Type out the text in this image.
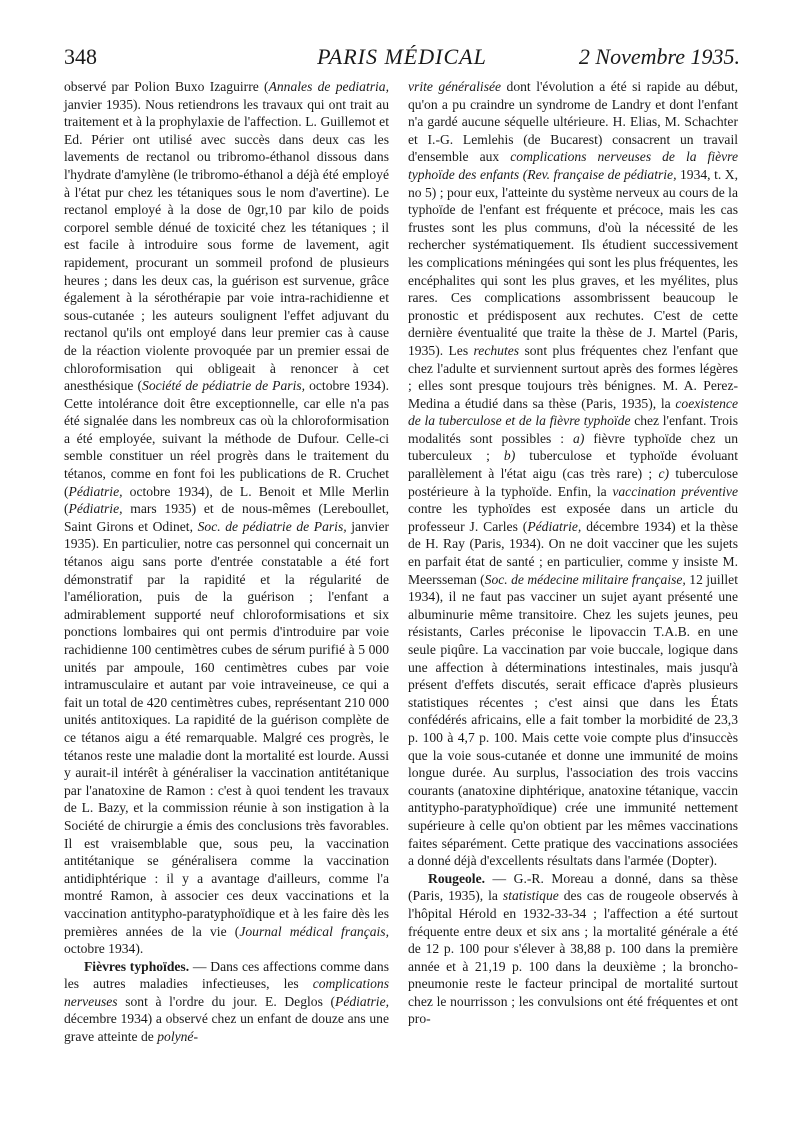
348	PARIS MÉDICAL	2 Novembre 1935.

observé par Polion Buxo Izaguirre (Annales de pediatria, janvier 1935). Nous retiendrons les travaux qui ont trait au traitement et à la prophylaxie de l'affection. L. Guillemot et Ed. Périer ont utilisé avec succès dans deux cas les lavements de rectanol ou tribromo-éthanol dissous dans l'hydrate d'amylène (le tribromo-éthanol a déjà été employé à l'état pur chez les tétaniques sous le nom d'avertine). Le rectanol employé à la dose de 0gr,10 par kilo de poids corporel semble dénué de toxicité chez les tétaniques ; il est facile à introduire sous forme de lavement, agit rapidement, procurant un sommeil profond de plusieurs heures ; dans les deux cas, la guérison est survenue, grâce également à la sérothérapie par voie intra-rachidienne et sous-cutanée ; les auteurs soulignent l'effet adjuvant du rectanol qu'ils ont employé dans leur premier cas à cause de la réaction violente provoquée par un premier essai de chloroformisation qui obligeait à renoncer à cet anesthésique (Société de pédiatrie de Paris, octobre 1934). Cette intolérance doit être exceptionnelle, car elle n'a pas été signalée dans les nombreux cas où la chloroformisation a été employée, suivant la méthode de Dufour. Celle-ci semble constituer un réel progrès dans le traitement du tétanos, comme en font foi les publications de R. Cruchet (Pédiatrie, octobre 1934), de L. Benoit et Mlle Merlin (Pédiatrie, mars 1935) et de nous-mêmes (Lereboullet, Saint Girons et Odinet, Soc. de pédiatrie de Paris, janvier 1935). En particulier, notre cas personnel qui concernait un tétanos aigu sans porte d'entrée constatable a été fort démonstratif par la rapidité et la régularité de l'amélioration, puis de la guérison ; l'enfant a admirablement supporté neuf chloroformisations et six ponctions lombaires qui ont permis d'introduire par voie rachidienne 100 centimètres cubes de sérum purifié à 5 000 unités par ampoule, 160 centimètres cubes par voie intramusculaire et autant par voie intraveineuse, ce qui a fait un total de 420 centimètres cubes, représentant 210 000 unités antitoxiques. La rapidité de la guérison complète de ce tétanos aigu a été remarquable. Malgré ces progrès, le tétanos reste une maladie dont la mortalité est lourde. Aussi y aurait-il intérêt à généraliser la vaccination antitétanique par l'anatoxine de Ramon : c'est à quoi tendent les travaux de L. Bazy, et la commission réunie à son instigation à la Société de chirurgie a émis des conclusions très favorables. Il est vraisemblable que, sous peu, la vaccination antitétanique se généralisera comme la vaccination antidiphtérique : il y a avantage d'ailleurs, comme l'a montré Ramon, à associer ces deux vaccinations et la vaccination antitypho-paratyphoïdique et à les faire dès les premières années de la vie (Journal médical français, octobre 1934).

Fièvres typhoïdes. — Dans ces affections comme dans les autres maladies infectieuses, les complications nerveuses sont à l'ordre du jour. E. Deglos (Pédiatrie, décembre 1934) a observé chez un enfant de douze ans une grave atteinte de polyné-

vrite généralisée dont l'évolution a été si rapide au début, qu'on a pu craindre un syndrome de Landry et dont l'enfant n'a gardé aucune séquelle ultérieure. H. Elias, M. Schachter et I.-G. Lemlehis (de Bucarest) consacrent un travail d'ensemble aux complications nerveuses de la fièvre typhoïde des enfants (Rev. française de pédiatrie, 1934, t. X, no 5) ; pour eux, l'atteinte du système nerveux au cours de la typhoïde de l'enfant est fréquente et précoce, mais les cas frustes sont les plus communs, d'où la nécessité de les rechercher systématiquement. Ils étudient successivement les complications méningées qui sont les plus fréquentes, les encéphalites qui sont les plus graves, et les myélites, plus rares. Ces complications assombrissent beaucoup le pronostic et prédisposent aux rechutes. C'est de cette dernière éventualité que traite la thèse de J. Martel (Paris, 1935). Les rechutes sont plus fréquentes chez l'enfant que chez l'adulte et surviennent surtout après des formes légères ; elles sont presque toujours très bénignes. M. A. Perez-Medina a étudié dans sa thèse (Paris, 1935), la coexistence de la tuberculose et de la fièvre typhoïde chez l'enfant. Trois modalités sont possibles : a) fièvre typhoïde chez un tuberculeux ; b) tuberculose et typhoïde évoluant parallèlement à l'état aigu (cas très rare) ; c) tuberculose postérieure à la typhoïde. Enfin, la vaccination préventive contre les typhoïdes est exposée dans un article du professeur J. Carles (Pédiatrie, décembre 1934) et la thèse de H. Ray (Paris, 1934). On ne doit vacciner que les sujets en parfait état de santé ; en particulier, comme y insiste M. Meersseman (Soc. de médecine militaire française, 12 juillet 1934), il ne faut pas vacciner un sujet ayant présenté une albuminurie même transitoire. Chez les sujets jeunes, peu résistants, Carles préconise le lipovaccin T.A.B. en une seule piqûre. La vaccination par voie buccale, logique dans une affection à déterminations intestinales, mais jusqu'à présent d'effets discutés, serait efficace d'après plusieurs statistiques récentes ; c'est ainsi que dans les États confédérés africains, elle a fait tomber la morbidité de 23,3 p. 100 à 4,7 p. 100. Mais cette voie compte plus d'insuccès que la voie sous-cutanée et donne une immunité de moins longue durée. Au surplus, l'association des trois vaccins courants (anatoxine diphtérique, anatoxine tétanique, vaccin antitypho-paratyphoïdique) crée une immunité nettement supérieure à celle qu'on obtient par les mêmes vaccinations faites séparément. Cette pratique des vaccinations associées a donné déjà d'excellents résultats dans l'armée (Dopter).

Rougeole. — G.-R. Moreau a donné, dans sa thèse (Paris, 1935), la statistique des cas de rougeole observés à l'hôpital Hérold en 1932-33-34 ; l'affection a été surtout fréquente entre deux et six ans ; la mortalité générale a été de 12 p. 100 pour s'élever à 38,88 p. 100 dans la première année et à 21,19 p. 100 dans la deuxième ; la broncho-pneumonie reste le facteur principal de mortalité surtout chez le nourrisson ; les convulsions ont été fréquentes et ont pro-
